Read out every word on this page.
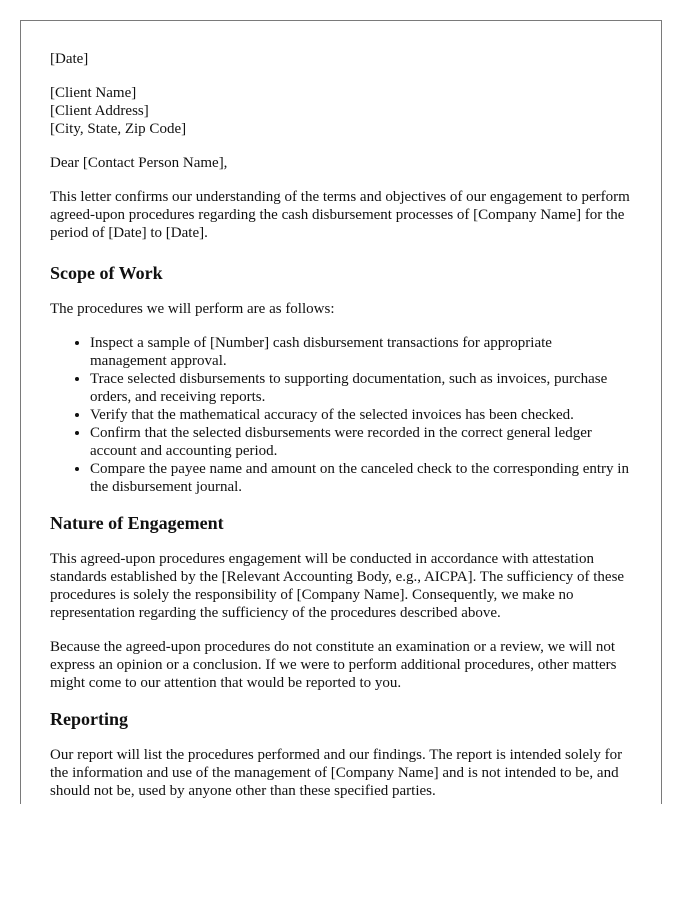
[Date]

[Client Name]

[Client Address]

[City, State, Zip Code]

Dear [Contact Person Name],

This letter confirms our understanding of the terms and objectives of our engagement to perform agreed-upon procedures regarding the cash disbursement processes of [Company Name] for the period of [Date] to [Date].

Scope of Work

The procedures we will perform are as follows:

• Inspect a sample of [Number] cash disbursement transactions for appropriate management approval.
• Trace selected disbursements to supporting documentation, such as invoices, purchase orders, and receiving reports.
• Verify that the mathematical accuracy of the selected invoices has been checked.
• Confirm that the selected disbursements were recorded in the correct general ledger account and accounting period.
• Compare the payee name and amount on the canceled check to the corresponding entry in the disbursement journal.
Nature of Engagement

This agreed-upon procedures engagement will be conducted in accordance with attestation standards established by the [Relevant Accounting Body, e.g., AICPA]. The sufficiency of these procedures is solely the responsibility of [Company Name]. Consequently, we make no representation regarding the sufficiency of the procedures described above.

Because the agreed-upon procedures do not constitute an examination or a review, we will not express an opinion or a conclusion. If we were to perform additional procedures, other matters might come to our attention that would be reported to you.

Reporting

Our report will list the procedures performed and our findings. The report is intended solely for the information and use of the management of [Company Name] and is not intended to be, and should not be, used by anyone other than these specified parties.
